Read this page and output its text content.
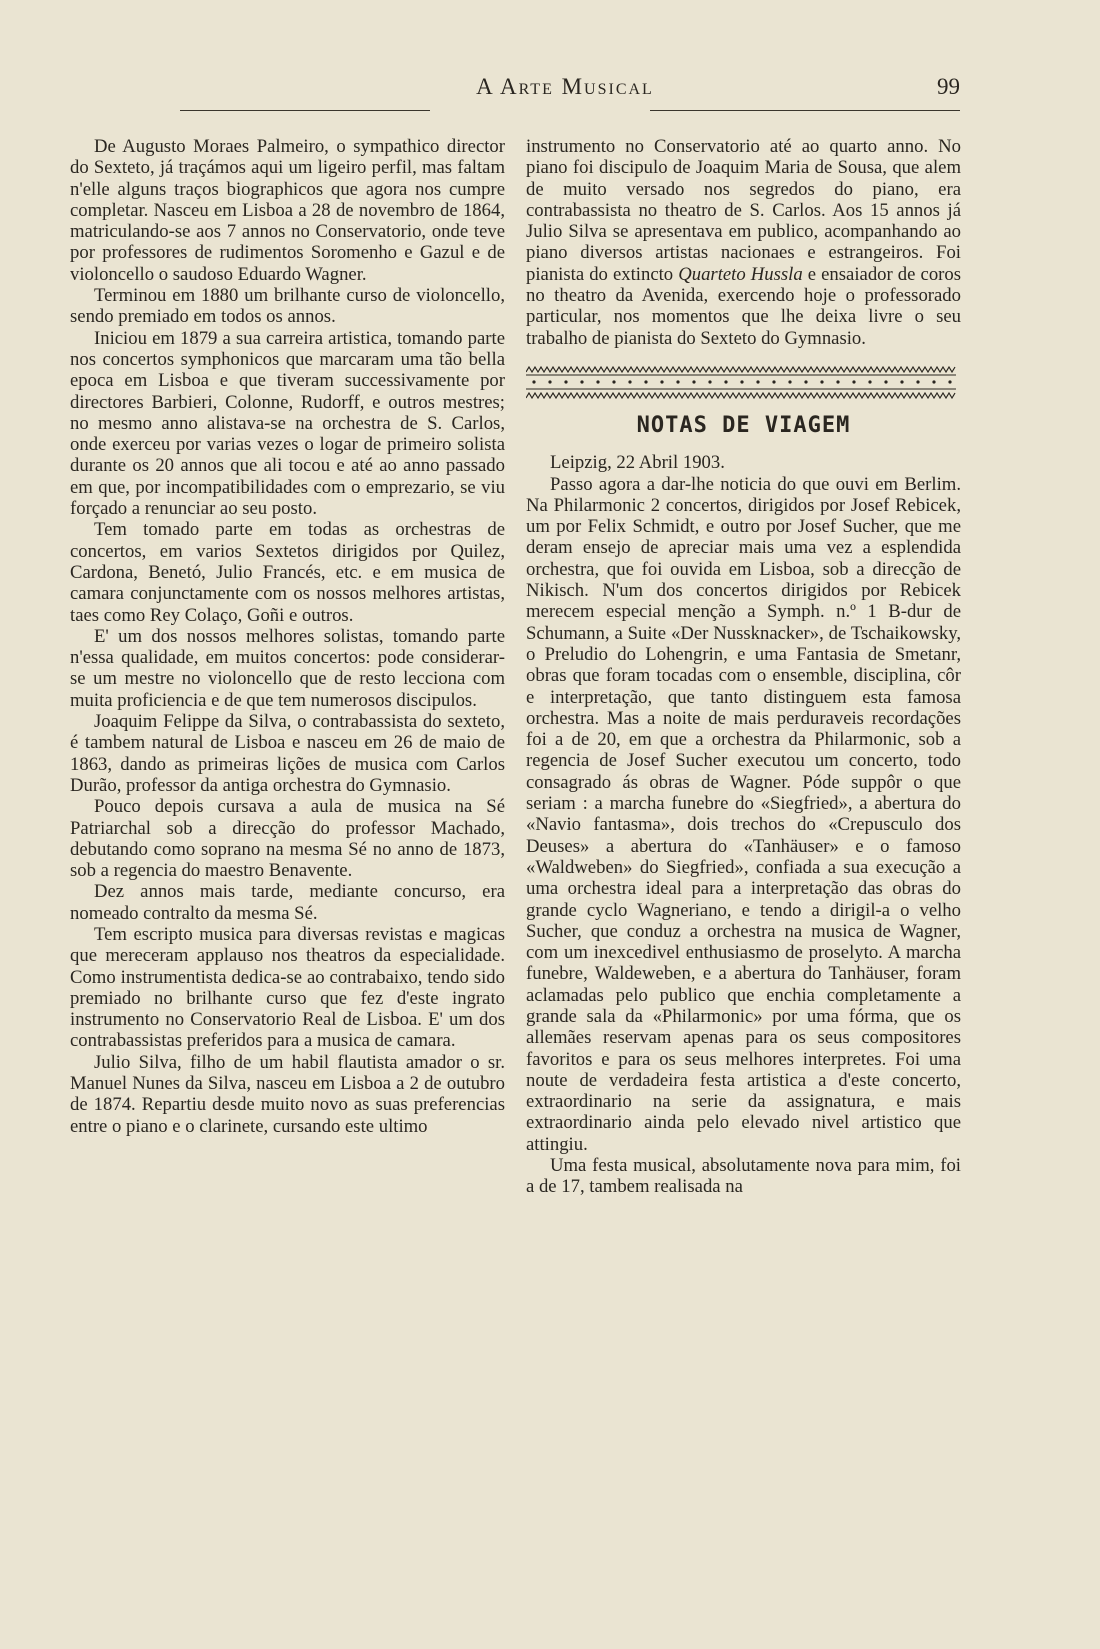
A Arte Musical	99

De Augusto Moraes Palmeiro, o sympathico director do Sexteto, já traçámos aqui um ligeiro perfil, mas faltam n'elle alguns traços biographicos que agora nos cumpre completar. Nasceu em Lisboa a 28 de novembro de 1864, matriculando-se aos 7 annos no Conservatorio, onde teve por professores de rudimentos Soromenho e Gazul e de violoncello o saudoso Eduardo Wagner.

Terminou em 1880 um brilhante curso de violoncello, sendo premiado em todos os annos.

Iniciou em 1879 a sua carreira artistica, tomando parte nos concertos symphonicos que marcaram uma tão bella epoca em Lisboa e que tiveram successivamente por directores Barbieri, Colonne, Rudorff, e outros mestres; no mesmo anno alistava-se na orchestra de S. Carlos, onde exerceu por varias vezes o logar de primeiro solista durante os 20 annos que ali tocou e até ao anno passado em que, por incompatibilidades com o emprezario, se viu forçado a renunciar ao seu posto.

Tem tomado parte em todas as orchestras de concertos, em varios Sextetos dirigidos por Quilez, Cardona, Benetó, Julio Francés, etc. e em musica de camara conjunctamente com os nossos melhores artistas, taes como Rey Colaço, Goñi e outros.

E' um dos nossos melhores solistas, tomando parte n'essa qualidade, em muitos concertos: pode considerar-se um mestre no violoncello que de resto lecciona com muita proficiencia e de que tem numerosos discipulos.

Joaquim Felippe da Silva, o contrabassista do sexteto, é tambem natural de Lisboa e nasceu em 26 de maio de 1863, dando as primeiras lições de musica com Carlos Durão, professor da antiga orchestra do Gymnasio.

Pouco depois cursava a aula de musica na Sé Patriarchal sob a direcção do professor Machado, debutando como soprano na mesma Sé no anno de 1873, sob a regencia do maestro Benavente.

Dez annos mais tarde, mediante concurso, era nomeado contralto da mesma Sé.

Tem escripto musica para diversas revistas e magicas que mereceram applauso nos theatros da especialidade. Como instrumentista dedica-se ao contrabaixo, tendo sido premiado no brilhante curso que fez d'este ingrato instrumento no Conservatorio Real de Lisboa. E' um dos contrabassistas preferidos para a musica de camara.

Julio Silva, filho de um habil flautista amador o sr. Manuel Nunes da Silva, nasceu em Lisboa a 2 de outubro de 1874. Repartiu desde muito novo as suas preferencias entre o piano e o clarinete, cursando este ultimo

instrumento no Conservatorio até ao quarto anno. No piano foi discipulo de Joaquim Maria de Sousa, que alem de muito versado nos segredos do piano, era contrabassista no theatro de S. Carlos. Aos 15 annos já Julio Silva se apresentava em publico, acompanhando ao piano diversos artistas nacionaes e estrangeiros. Foi pianista do extincto Quarteto Hussla e ensaiador de coros no theatro da Avenida, exercendo hoje o professorado particular, nos momentos que lhe deixa livre o seu trabalho de pianista do Sexteto do Gymnasio.

NOTAS DE VIAGEM

Leipzig, 22 Abril 1903.

Passo agora a dar-lhe noticia do que ouvi em Berlim. Na Philarmonic 2 concertos, dirigidos por Josef Rebicek, um por Felix Schmidt, e outro por Josef Sucher, que me deram ensejo de apreciar mais uma vez a esplendida orchestra, que foi ouvida em Lisboa, sob a direcção de Nikisch. N'um dos concertos dirigidos por Rebicek merecem especial menção a Symph. n.º 1 B-dur de Schumann, a Suite «Der Nussknacker», de Tschaikowsky, o Preludio do Lohengrin, e uma Fantasia de Smetanr, obras que foram tocadas com o ensemble, disciplina, côr e interpretação, que tanto distinguem esta famosa orchestra. Mas a noite de mais perduraveis recordações foi a de 20, em que a orchestra da Philarmonic, sob a regencia de Josef Sucher executou um concerto, todo consagrado ás obras de Wagner. Póde suppôr o que seriam : a marcha funebre do «Siegfried», a abertura do «Navio fantasma», dois trechos do «Crepusculo dos Deuses» a abertura do «Tanhäuser» e o famoso «Waldweben» do Siegfried», confiada a sua execução a uma orchestra ideal para a interpretação das obras do grande cyclo Wagneriano, e tendo a dirigil-a o velho Sucher, que conduz a orchestra na musica de Wagner, com um inexcedivel enthusiasmo de proselyto. A marcha funebre, Waldeweben, e a abertura do Tanhäuser, foram aclamadas pelo publico que enchia completamente a grande sala da «Philarmonic» por uma fórma, que os allemães reservam apenas para os seus compositores favoritos e para os seus melhores interpretes. Foi uma noute de verdadeira festa artistica a d'este concerto, extraordinario na serie da assignatura, e mais extraordinario ainda pelo elevado nivel artistico que attingiu.

Uma festa musical, absolutamente nova para mim, foi a de 17, tambem realisada na
